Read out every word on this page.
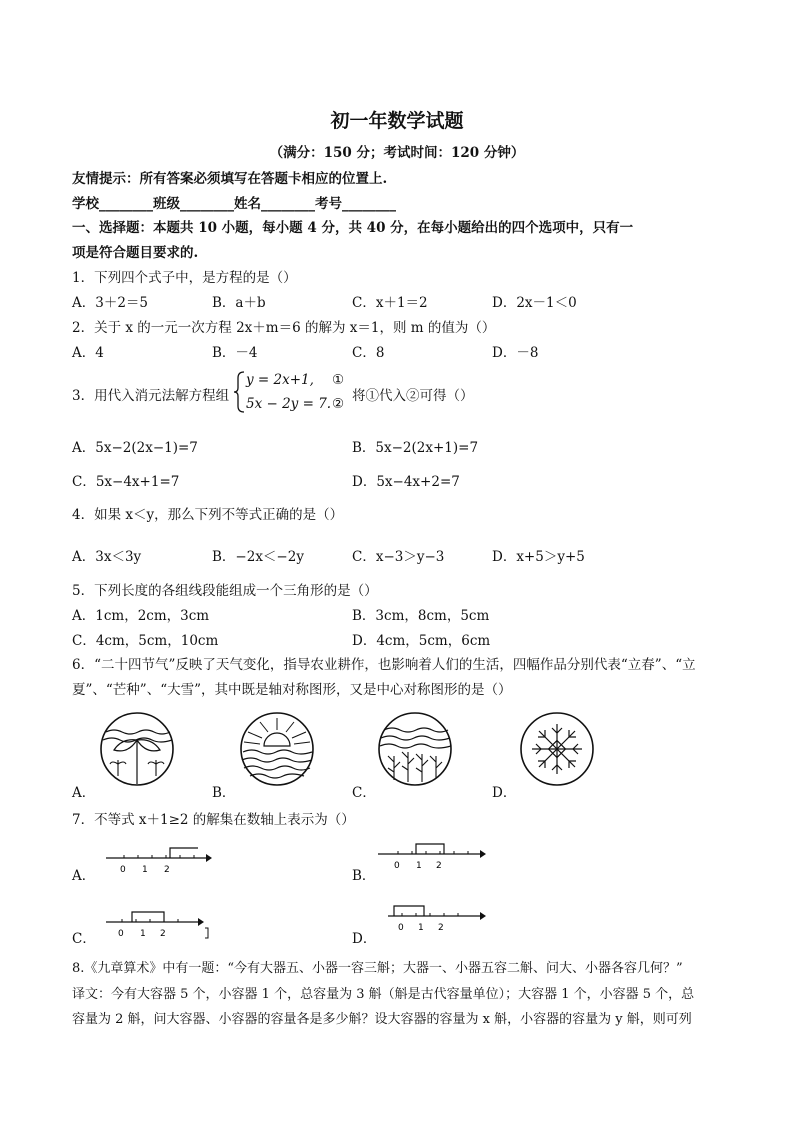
初一年数学试题
（满分：150 分；考试时间：120 分钟）
友情提示：所有答案必须填写在答题卡相应的位置上.
学校________班级________姓名________考号________
一、选择题：本题共 10 小题，每小题 4 分，共 40 分，在每小题给出的四个选项中，只有一
项是符合题目要求的.
1．下列四个式子中，是方程的是（）
A．3＋2＝5	B．a＋b	C．x＋1＝2	D．2x－1＜0
2．关于 x 的一元一次方程 2x＋m＝6 的解为 x＝1，则 m 的值为（）
A．4	B．－4	C．8	D．－8
3．用代入消元法解方程组
y = 2x+1,
5x − 2y = 7.
①
② 将①代入②可得（）
A．5x−2(2x−1)=7	B．5x−2(2x+1)=7
C．5x−4x+1=7	D．5x−4x+2=7
4．如果 x＜y，那么下列不等式正确的是（）
A．3x＜3y	B．−2x＜−2y	C．x−3＞y−3	D．x+5＞y+5
5．下列长度的各组线段能组成一个三角形的是（）
A．1cm，2cm，3cm	B．3cm，8cm，5cm
C．4cm，5cm，10cm	D．4cm，5cm，6cm
6．“二十四节气”反映了天气变化，指导农业耕作，也影响着人们的生活，四幅作品分别代表“立春”、“立
夏”、“芒种”、“大雪”，其中既是轴对称图形，又是中心对称图形的是（）
A．	B．	C．	D．
7．不等式 x＋1≥2 的解集在数轴上表示为（）
A．	0 1 2	B．
0 1 2
C． 0 1 2	D．
0 1 2
8.《九章算术》中有一题：“今有大器五、小器一容三斛；大器一、小器五容二斛、问大、小器各容几何？”
译文：今有大容器 5 个，小容器 1 个，总容量为 3 斛（斛是古代容量单位）；大容器 1 个，小容器 5 个，总
容量为 2 斛，问大容器、小容器的容量各是多少斛？设大容器的容量为 x 斛，小容器的容量为 y 斛，则可列
